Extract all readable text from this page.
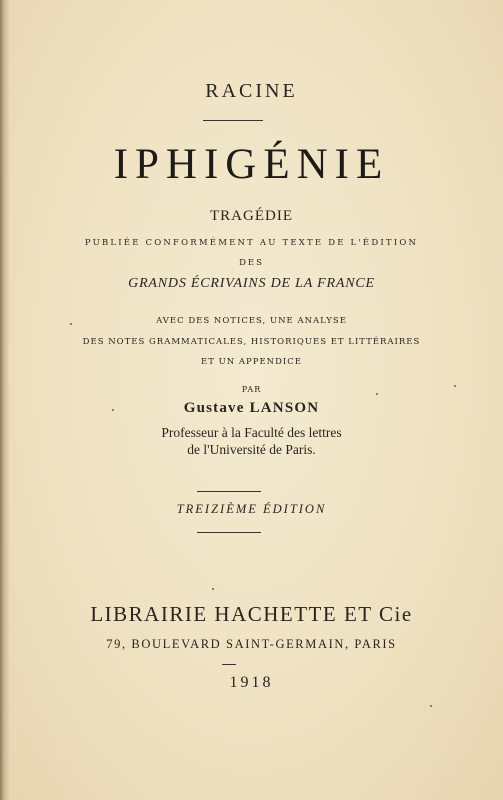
RACINE
IPHIGÉNIE
TRAGÉDIE
PUBLIÉE CONFORMÉMENT AU TEXTE DE L'ÉDITION
DES
GRANDS ÉCRIVAINS DE LA FRANCE
AVEC DES NOTICES, UNE ANALYSE
DES NOTES GRAMMATICALES, HISTORIQUES ET LITTÉRAIRES
ET UN APPENDICE
PAR
Gustave LANSON
Professeur à la Faculté des lettres
de l'Université de Paris.
TREIZIÈME ÉDITION
LIBRAIRIE HACHETTE ET Cie
79, BOULEVARD SAINT-GERMAIN, PARIS
1918
